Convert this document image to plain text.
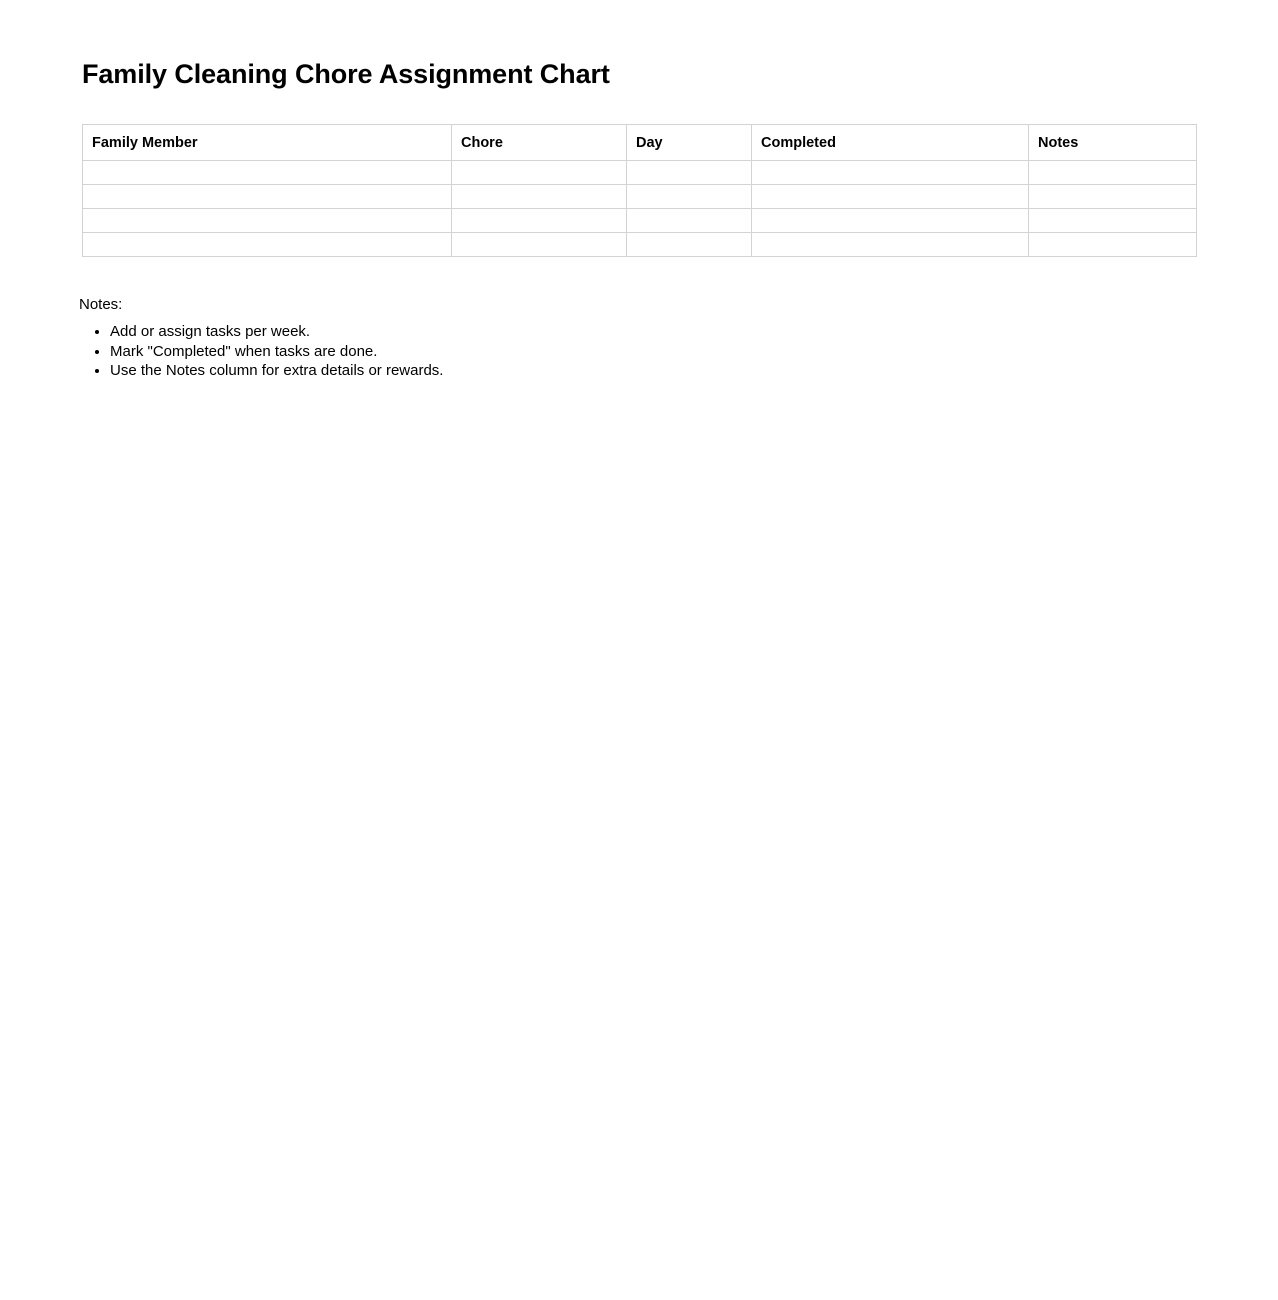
Family Cleaning Chore Assignment Chart
Family Member	Chore	Day	Completed	Notes

Notes:

• Add or assign tasks per week.
• Mark "Completed" when tasks are done.
• Use the Notes column for extra details or rewards.
